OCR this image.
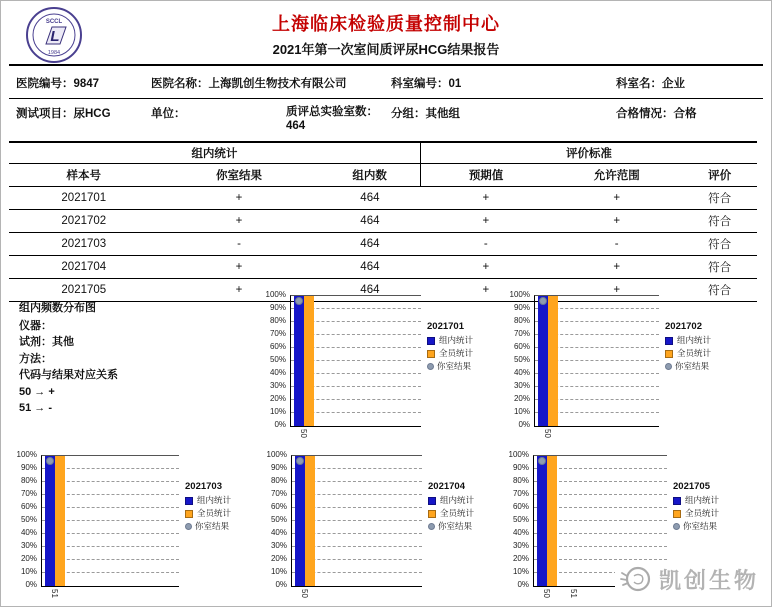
SCCL
L
1984
上海临床检验质量控制中心
2021年第一次室间质评尿HCG结果报告
医院编号：9847	医院名称：上海凯创生物技术有限公司	科室编号：01	科室名：企业
测试项目：尿HCG	单位：	质评总实验室数：464
分组：其他组	合格情况：合格
组内统计			评价标准		
样本号	你室结果	组内数	预期值	允许范围	评价
2021701	+	464	+	+	符合
2021702	+	464	+	+	符合
2021703	-	464	-	-	符合
2021704	+	464	+	+	符合
2021705	+	464	+	+	符合
组内频数分布图
仪器：
试剂：其他
方法：
代码与结果对应关系
50 → +
51 → -
0%
10%
20%
30%
40%
50%
60%
70%
80%
90%
100%
50
2021701
组内统计
全员统计
你室结果
0%
10%
20%
30%
40%
50%
60%
70%
80%
90%
100%
50
2021702
组内统计
全员统计
你室结果
0%
10%
20%
30%
40%
50%
60%
70%
80%
90%
100%
51
2021703
组内统计
全员统计
你室结果
0%
10%
20%
30%
40%
50%
60%
70%
80%
90%
100%
50
2021704
组内统计
全员统计
你室结果
0%
10%
20%
30%
40%
50%
60%
70%
80%
90%
100%
50 51
2021705
组内统计
全员统计
你室结果
凯创生物
